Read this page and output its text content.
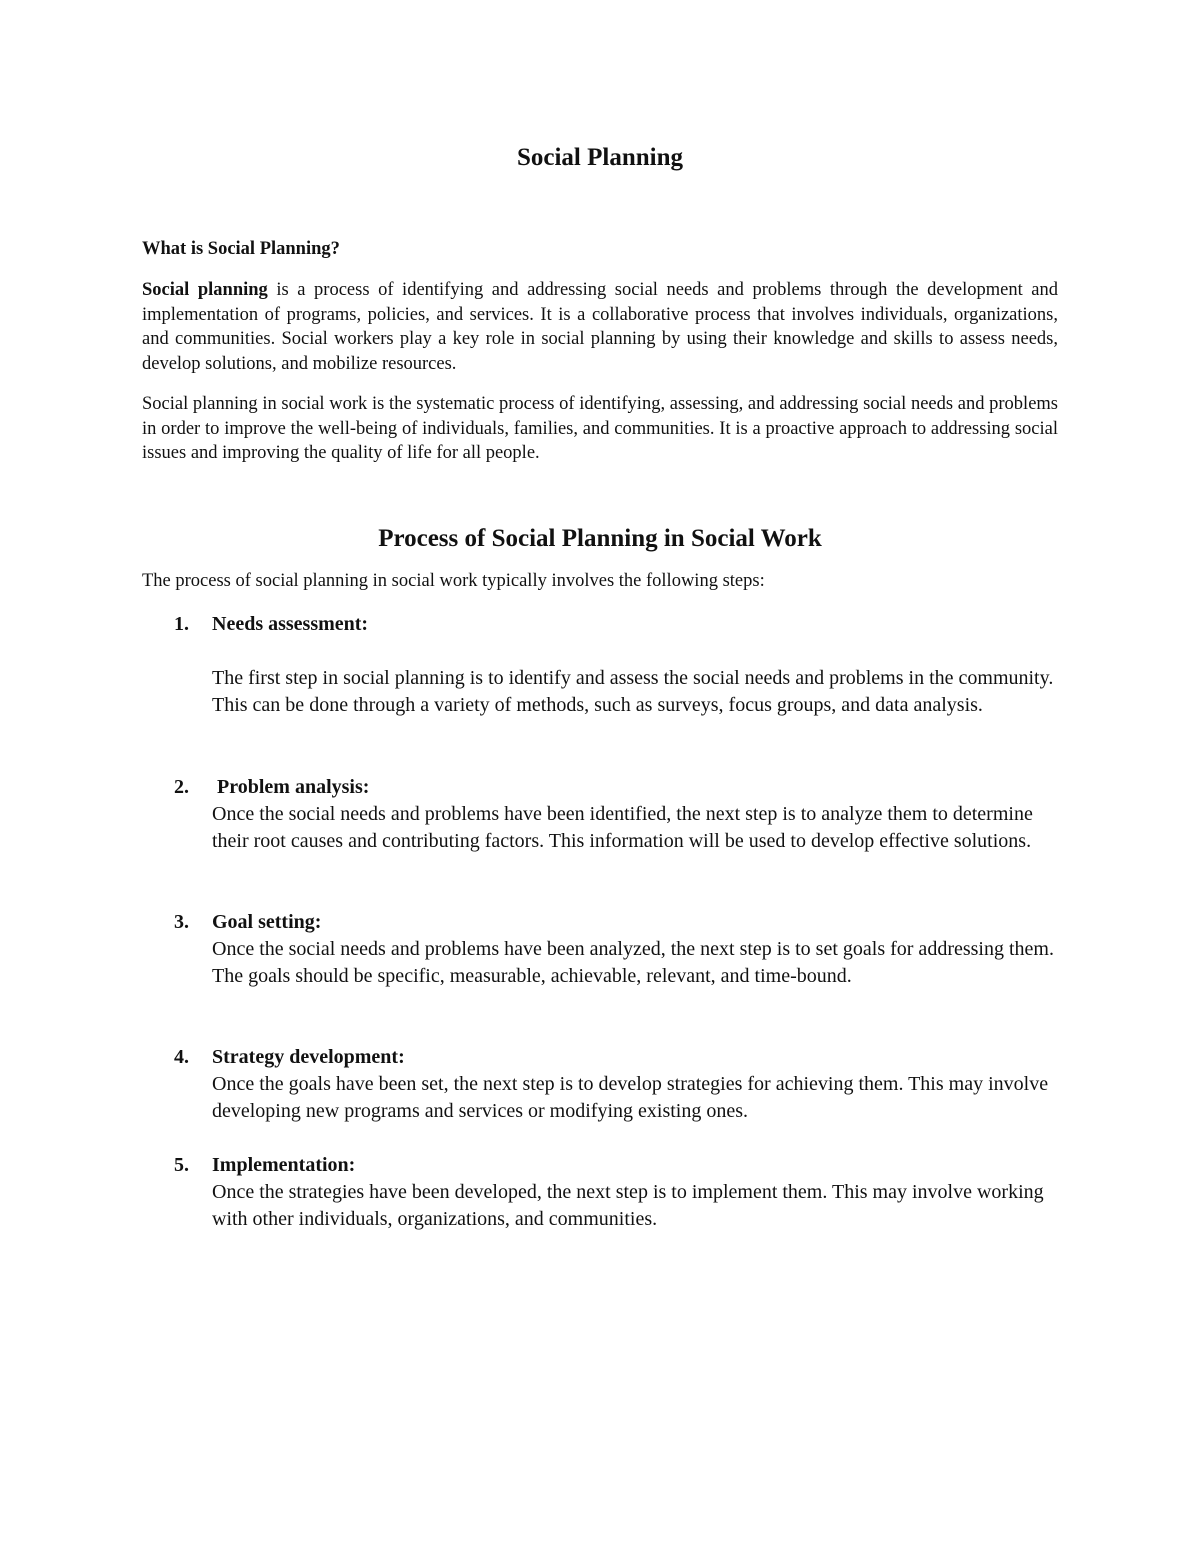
Social Planning
What is Social Planning?

Social planning is a process of identifying and addressing social needs and problems through the development and implementation of programs, policies, and services. It is a collaborative process that involves individuals, organizations, and communities. Social workers play a key role in social planning by using their knowledge and skills to assess needs, develop solutions, and mobilize resources.

Social planning in social work is the systematic process of identifying, assessing, and addressing social needs and problems in order to improve the well-being of individuals, families, and communities. It is a proactive approach to addressing social issues and improving the quality of life for all people.

Process of Social Planning in Social Work
The process of social planning in social work typically involves the following steps:
1. Needs assessment:

The first step in social planning is to identify and assess the social needs and problems in the community. This can be done through a variety of methods, such as surveys, focus groups, and data analysis.

2. Problem analysis:

Once the social needs and problems have been identified, the next step is to analyze them to determine their root causes and contributing factors. This information will be used to develop effective solutions.

3. Goal setting:

Once the social needs and problems have been analyzed, the next step is to set goals for addressing them. The goals should be specific, measurable, achievable, relevant, and time-bound.

4. Strategy development:

Once the goals have been set, the next step is to develop strategies for achieving them. This may involve developing new programs and services or modifying existing ones.

5. Implementation:

Once the strategies have been developed, the next step is to implement them. This may involve working with other individuals, organizations, and communities.
